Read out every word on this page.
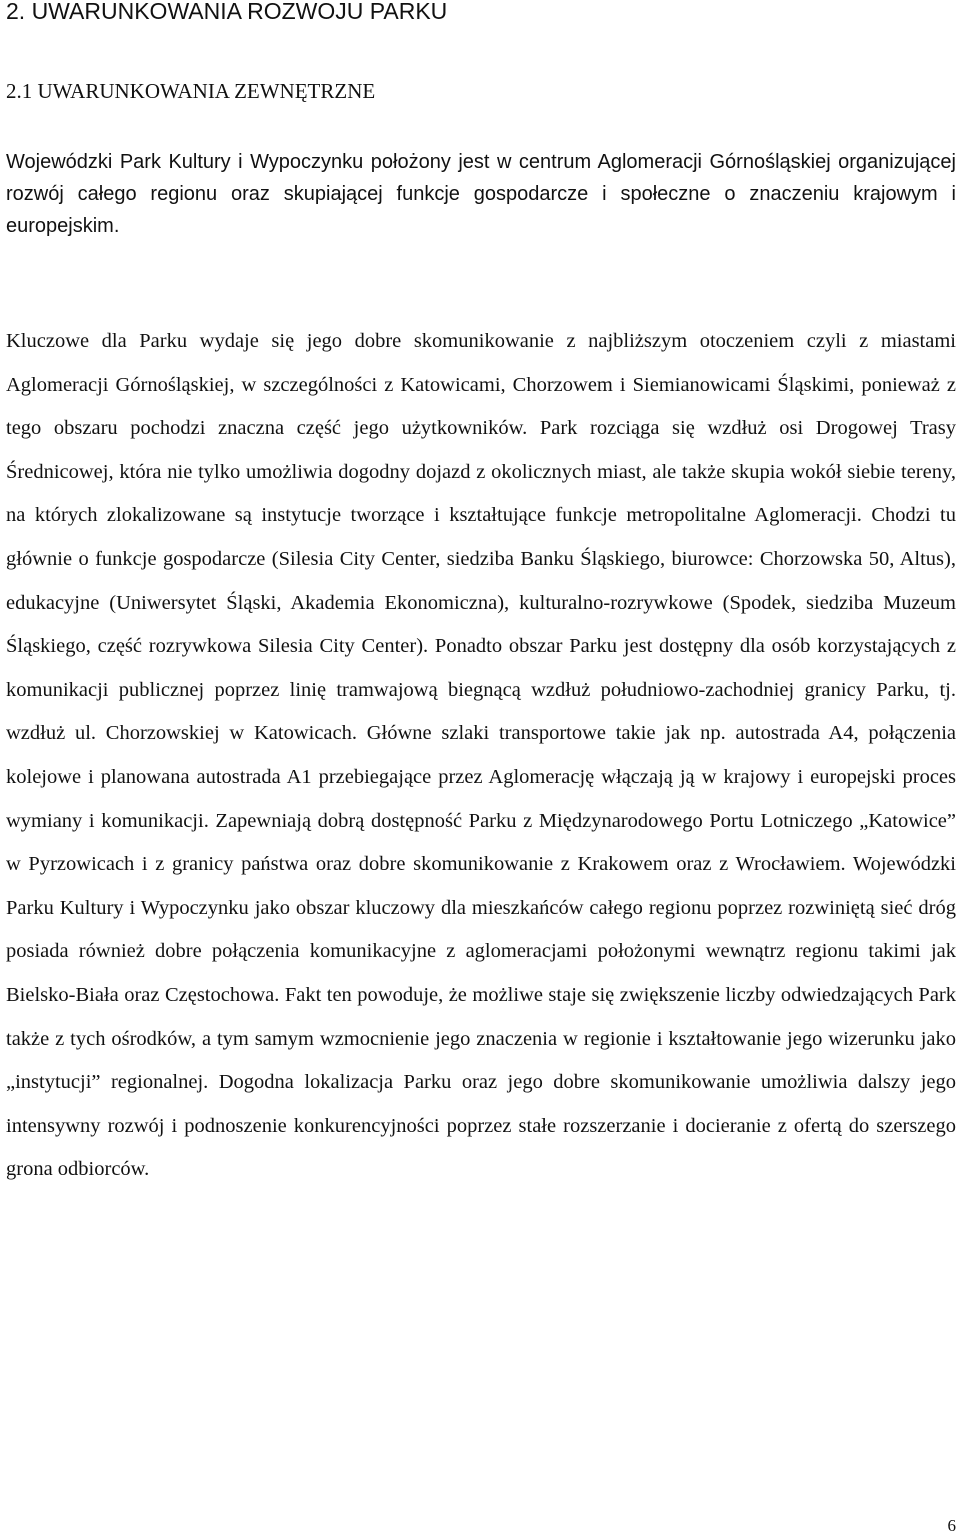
2. UWARUNKOWANIA ROZWOJU PARKU
2.1 UWARUNKOWANIA ZEWNĘTRZNE

Wojewódzki Park Kultury i Wypoczynku położony jest w centrum Aglomeracji Górnośląskiej organizującej rozwój całego regionu oraz skupiającej funkcje gospodarcze i społeczne o znaczeniu krajowym i europejskim.

Kluczowe dla Parku wydaje się jego dobre skomunikowanie z najbliższym otoczeniem czyli z miastami Aglomeracji Górnośląskiej, w szczególności z Katowicami, Chorzowem i Siemianowicami Śląskimi, ponieważ z tego obszaru pochodzi znaczna część jego użytkowników. Park rozciąga się wzdłuż osi Drogowej Trasy Średnicowej, która nie tylko umożliwia dogodny dojazd z okolicznych miast, ale także skupia wokół siebie tereny, na których zlokalizowane są instytucje tworzące i kształtujące funkcje metropolitalne Aglomeracji. Chodzi tu głównie o funkcje gospodarcze (Silesia City Center, siedziba Banku Śląskiego, biurowce: Chorzowska 50, Altus), edukacyjne (Uniwersytet Śląski, Akademia Ekonomiczna), kulturalno-rozrywkowe (Spodek, siedziba Muzeum Śląskiego, część rozrywkowa Silesia City Center). Ponadto obszar Parku jest dostępny dla osób korzystających z komunikacji publicznej poprzez linię tramwajową biegnącą wzdłuż południowo-zachodniej granicy Parku, tj. wzdłuż ul. Chorzowskiej w Katowicach. Główne szlaki transportowe takie jak np. autostrada A4, połączenia kolejowe i planowana autostrada A1 przebiegające przez Aglomerację włączają ją w krajowy i europejski proces wymiany i komunikacji. Zapewniają dobrą dostępność Parku z Międzynarodowego Portu Lotniczego „Katowice” w Pyrzowicach i z granicy państwa oraz dobre skomunikowanie z Krakowem oraz z Wrocławiem. Wojewódzki Parku Kultury i Wypoczynku jako obszar kluczowy dla mieszkańców całego regionu poprzez rozwiniętą sieć dróg posiada również dobre połączenia komunikacyjne z aglomeracjami położonymi wewnątrz regionu takimi jak Bielsko-Biała oraz Częstochowa. Fakt ten powoduje, że możliwe staje się zwiększenie liczby odwiedzających Park także z tych ośrodków, a tym samym wzmocnienie jego znaczenia w regionie i kształtowanie jego wizerunku jako „instytucji” regionalnej. Dogodna lokalizacja Parku oraz jego dobre skomunikowanie umożliwia dalszy jego intensywny rozwój i podnoszenie konkurencyjności poprzez stałe rozszerzanie i docieranie z ofertą do szerszego grona odbiorców.

6
